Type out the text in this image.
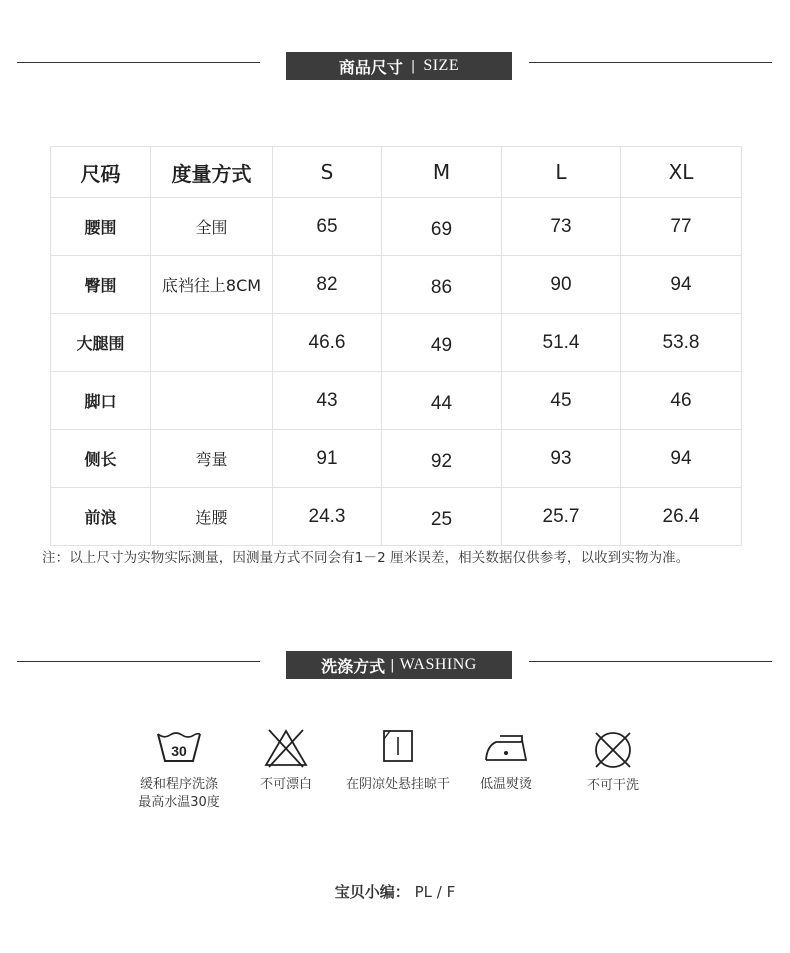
商品尺寸 | SIZE
尺码	度量方式	S	M	L	XL
腰围	全围	65	69	73	77
臀围	底裆往上8CM	82	86	90	94
大腿围		46.6	49	51.4	53.8
脚口		43	44	45	46
侧长	弯量	91	92	93	94
前浪	连腰	24.3	25	25.7	26.4
注：以上尺寸为实物实际测量，因测量方式不同会有1－2 厘米误差，相关数据仅供参考，以收到实物为准。
洗涤方式 | WASHING
30
缓和程序洗涤
最高水温30度
不可漂白	在阴凉处悬挂晾干	低温熨烫	不可干洗
宝贝小编： PL / F
